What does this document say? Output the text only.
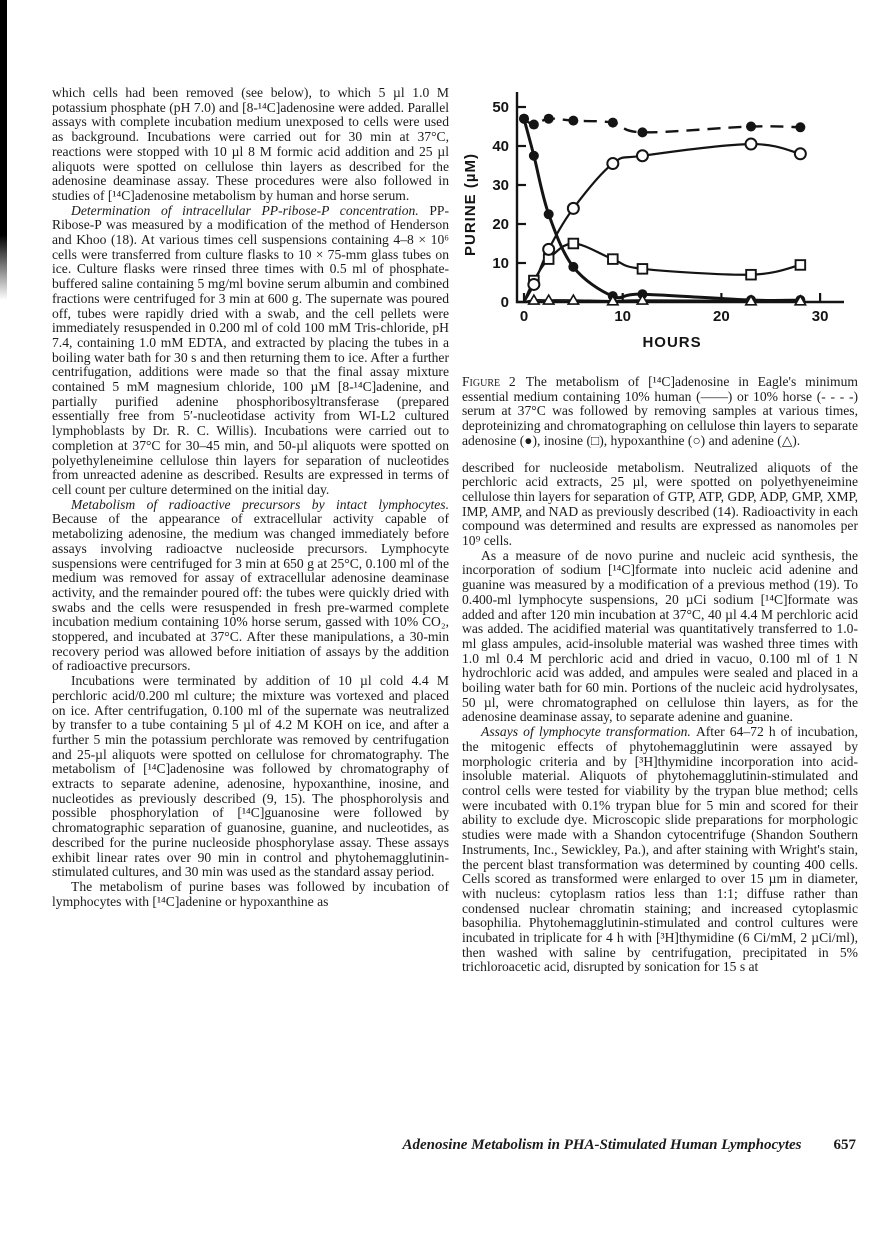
which cells had been removed (see below), to which 5 µl 1.0 M potassium phosphate (pH 7.0) and [8-¹⁴C]adenosine were added. Parallel assays with complete incubation medium unexposed to cells were used as background. Incubations were carried out for 30 min at 37°C, reactions were stopped with 10 µl 8 M formic acid addition and 25 µl aliquots were spotted on cellulose thin layers as described for the adenosine deaminase assay. These procedures were also followed in studies of [¹⁴C]adenosine metabolism by human and horse serum.

Determination of intracellular PP-ribose-P concentration. PP-Ribose-P was measured by a modification of the method of Henderson and Khoo (18). At various times cell suspensions containing 4–8 × 10⁶ cells were transferred from culture flasks to 10 × 75-mm glass tubes on ice. Culture flasks were rinsed three times with 0.5 ml of phosphate-buffered saline containing 5 mg/ml bovine serum albumin and combined fractions were centrifuged for 3 min at 600 g. The supernate was poured off, tubes were rapidly dried with a swab, and the cell pellets were immediately resuspended in 0.200 ml of cold 100 mM Tris-chloride, pH 7.4, containing 1.0 mM EDTA, and extracted by placing the tubes in a boiling water bath for 30 s and then returning them to ice. After a further centrifugation, additions were made so that the final assay mixture contained 5 mM magnesium chloride, 100 µM [8-¹⁴C]adenine, and partially purified adenine phosphoribosyltransferase (prepared essentially free from 5′-nucleotidase activity from WI-L2 cultured lymphoblasts by Dr. R. C. Willis). Incubations were carried out to completion at 37°C for 30–45 min, and 50-µl aliquots were spotted on polyethyleneimine cellulose thin layers for separation of nucleotides from unreacted adenine as described. Results are expressed in terms of cell count per culture determined on the initial day.

Metabolism of radioactive precursors by intact lymphocytes. Because of the appearance of extracellular activity capable of metabolizing adenosine, the medium was changed immediately before assays involving radioactve nucleoside precursors. Lymphocyte suspensions were centrifuged for 3 min at 650 g at 25°C, 0.100 ml of the medium was removed for assay of extracellular adenosine deaminase activity, and the remainder poured off: the tubes were quickly dried with swabs and the cells were resuspended in fresh pre-warmed complete incubation medium containing 10% horse serum, gassed with 10% CO₂, stoppered, and incubated at 37°C. After these manipulations, a 30-min recovery period was allowed before initiation of assays by the addition of radioactive precursors.

Incubations were terminated by addition of 10 µl cold 4.4 M perchloric acid/0.200 ml culture; the mixture was vortexed and placed on ice. After centrifugation, 0.100 ml of the supernate was neutralized by transfer to a tube containing 5 µl of 4.2 M KOH on ice, and after a further 5 min the potassium perchlorate was removed by centrifugation and 25-µl aliquots were spotted on cellulose for chromatography. The metabolism of [¹⁴C]adenosine was followed by chromatography of extracts to separate adenine, adenosine, hypoxanthine, inosine, and nucleotides as previously described (9, 15). The phosphorolysis and possible phosphorylation of [¹⁴C]guanosine were followed by chromatographic separation of guanosine, guanine, and nucleotides, as described for the purine nucleoside phosphorylase assay. These assays exhibit linear rates over 90 min in control and phytohemagglutinin-stimulated cultures, and 30 min was used as the standard assay period.

The metabolism of purine bases was followed by incubation of lymphocytes with [¹⁴C]adenine or hypoxanthine as

0
10
20
30
40
50
0	10	20	30
HOURS
PURINE (µM)
Figure 2 The metabolism of [¹⁴C]adenosine in Eagle's minimum essential medium containing 10% human (——) or 10% horse (- - - -) serum at 37°C was followed by removing samples at various times, deproteinizing and chromatographing on cellulose thin layers to separate adenosine (●), inosine (□), hypoxanthine (○) and adenine (△).

described for nucleoside metabolism. Neutralized aliquots of the perchloric acid extracts, 25 µl, were spotted on polyethyeneimine cellulose thin layers for separation of GTP, ATP, GDP, ADP, GMP, XMP, IMP, AMP, and NAD as previously described (14). Radioactivity in each compound was determined and results are expressed as nanomoles per 10⁹ cells.

As a measure of de novo purine and nucleic acid synthesis, the incorporation of sodium [¹⁴C]formate into nucleic acid adenine and guanine was measured by a modification of a previous method (19). To 0.400-ml lymphocyte suspensions, 20 µCi sodium [¹⁴C]formate was added and after 120 min incubation at 37°C, 40 µl 4.4 M perchloric acid was added. The acidified material was quantitatively transferred to 1.0-ml glass ampules, acid-insoluble material was washed three times with 1.0 ml 0.4 M perchloric acid and dried in vacuo, 0.100 ml of 1 N hydrochloric acid was added, and ampules were sealed and placed in a boiling water bath for 60 min. Portions of the nucleic acid hydrolysates, 50 µl, were chromatographed on cellulose thin layers, as for the adenosine deaminase assay, to separate adenine and guanine.

Assays of lymphocyte transformation. After 64–72 h of incubation, the mitogenic effects of phytohemagglutinin were assayed by morphologic criteria and by [³H]thymidine incorporation into acid-insoluble material. Aliquots of phytohemagglutinin-stimulated and control cells were tested for viability by the trypan blue method; cells were incubated with 0.1% trypan blue for 5 min and scored for their ability to exclude dye. Microscopic slide preparations for morphologic studies were made with a Shandon cytocentrifuge (Shandon Southern Instruments, Inc., Sewickley, Pa.), and after staining with Wright's stain, the percent blast transformation was determined by counting 400 cells. Cells scored as transformed were enlarged to over 15 µm in diameter, with nucleus: cytoplasm ratios less than 1:1; diffuse rather than condensed nuclear chromatin staining; and increased cytoplasmic basophilia. Phytohemagglutinin-stimulated and control cultures were incubated in triplicate for 4 h with [³H]thymidine (6 Ci/mM, 2 µCi/ml), then washed with saline by centrifugation, precipitated in 5% trichloroacetic acid, disrupted by sonication for 15 s at

Adenosine Metabolism in PHA-Stimulated Human Lymphocytes 657
